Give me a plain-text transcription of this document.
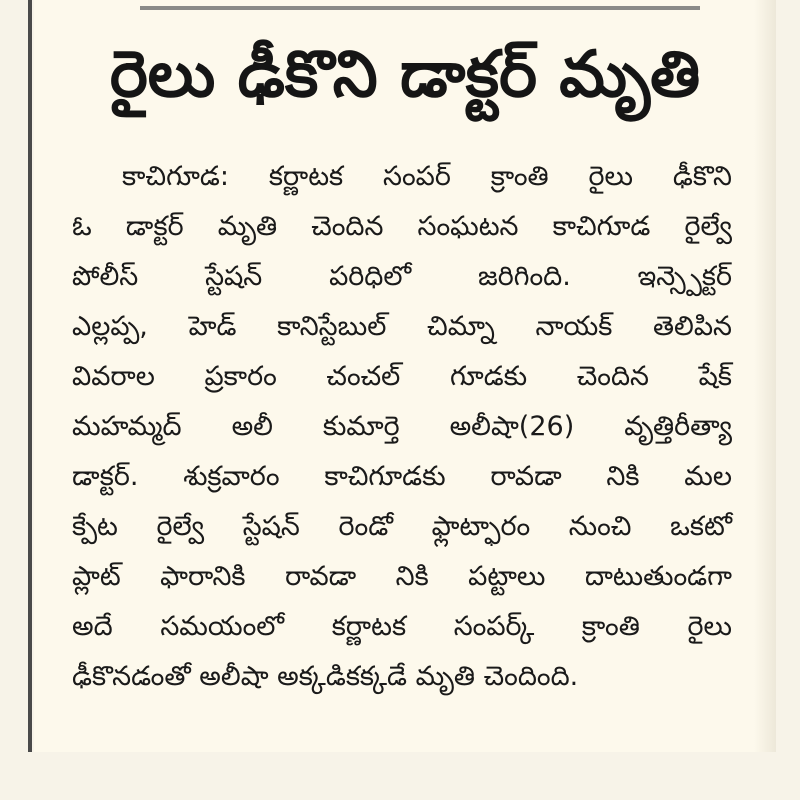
రైలు ఢీకొని డాక్టర్ మృతి
కాచిగూడ: కర్ణాటక సంపర్ క్రాంతి రైలు ఢీకొని
ఓ డాక్టర్ మృతి చెందిన సంఘటన కాచిగూడ రైల్వే
పోలీస్ స్టేషన్ పరిధిలో జరిగింది. ఇన్స్పెక్టర్
ఎల్లప్ప, హెడ్ కానిస్టేబుల్ చిమ్నా నాయక్ తెలిపిన
వివరాల ప్రకారం చంచల్ గూడకు చెందిన షేక్
మహమ్మద్ అలీ కుమార్తె అలీషా(26) వృత్తిరీత్యా
డాక్టర్. శుక్రవారం కాచిగూడకు రావడా నికి మల
క్పేట రైల్వే స్టేషన్ రెండో ఫ్లాట్ఫారం నుంచి ఒకటో
ప్లాట్ ఫారానికి రావడా నికి పట్టాలు దాటుతుండగా
అదే సమయంలో కర్ణాటక సంపర్క్ క్రాంతి రైలు
ఢీకొనడంతో అలీషా అక్కడికక్కడే మృతి చెందింది.
